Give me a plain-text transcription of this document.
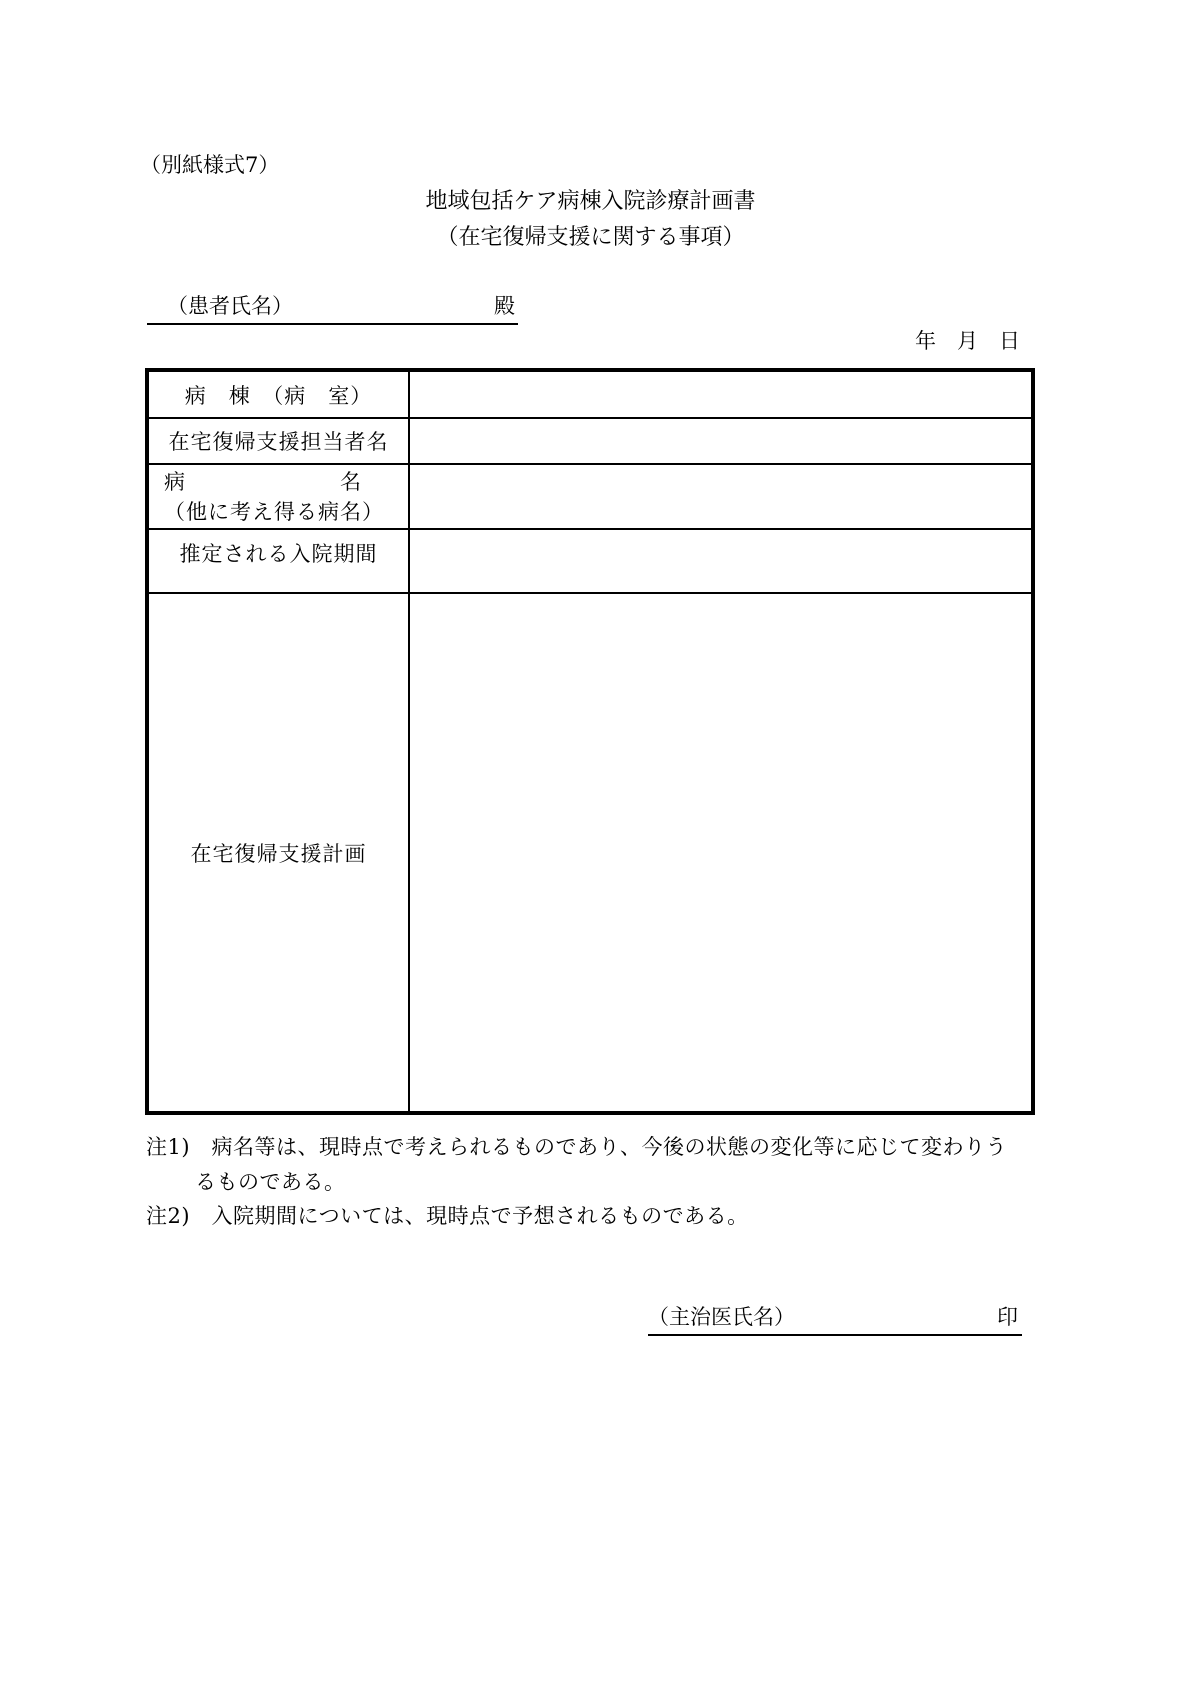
（別紙様式7）
地域包括ケア病棟入院診療計画書
（在宅復帰支援に関する事項）
（患者氏名）	殿
年　月　日
病　棟　（病　室）
在宅復帰支援担当者名
病　　　　　　　名
（他に考え得る病名）
推定される入院期間
在宅復帰支援計画
注1)　病名等は、現時点で考えられるものであり、今後の状態の変化等に応じて変わりう
るものである。
注2)　入院期間については、現時点で予想されるものである。
（主治医氏名）	印
